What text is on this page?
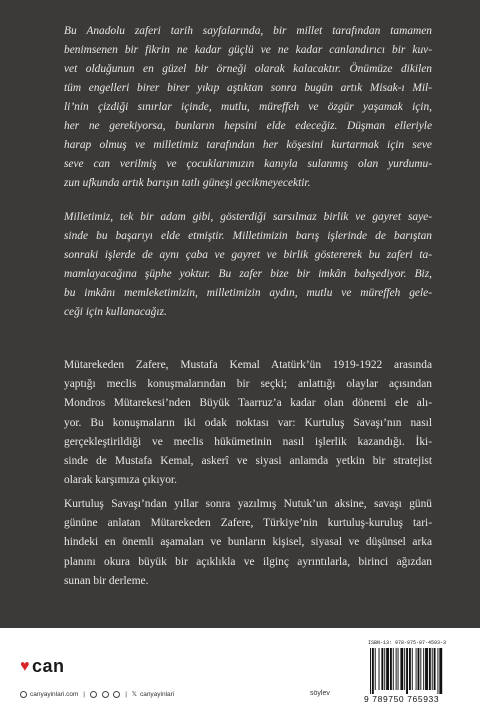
Bu Anadolu zaferi tarih sayfalarında, bir millet tarafından tamamen
benimsenen bir fikrin ne kadar güçlü ve ne kadar canlandırıcı bir kuv-
vet olduğunun en güzel bir örneği olarak kalacaktır. Önümüze dikilen
tüm engelleri birer birer yıkıp aştıktan sonra bugün artık Misak-ı Mil-
li’nin çizdiği sınırlar içinde, mutlu, müreffeh ve özgür yaşamak için,
her ne gerekiyorsa, bunların hepsini elde edeceğiz. Düşman elleriyle
harap olmuş ve milletimiz tarafından her köşesini kurtarmak için seve
seve can verilmiş ve çocuklarımızın kanıyla sulanmış olan yurdumu-
zun ufkunda artık barışın tatlı güneşi gecikmeyecektir.
Milletimiz, tek bir adam gibi, gösterdiği sarsılmaz birlik ve gayret saye-
sinde bu başarıyı elde etmiştir. Milletimizin barış işlerinde de barıştan
sonraki işlerde de aynı çaba ve gayret ve birlik göstererek bu zaferi ta-
mamlayacağına şüphe yoktur. Bu zafer bize bir imkân bahşediyor. Biz,
bu imkânı memleketimizin, milletimizin aydın, mutlu ve müreffeh gele-
ceği için kullanacağız.
Mütarekeden Zafere, Mustafa Kemal Atatürk’ün 1919-1922 arasında
yaptığı meclis konuşmalarından bir seçki; anlattığı olaylar açısından
Mondros Mütarekesi’nden Büyük Taarruz’a kadar olan dönemi ele alı-
yor. Bu konuşmaların iki odak noktası var: Kurtuluş Savaşı’nın nasıl
gerçekleştirildiği ve meclis hükümetinin nasıl işlerlik kazandığı. İki-
sinde de Mustafa Kemal, askerî ve siyasi anlamda yetkin bir stratejist
olarak karşımıza çıkıyor.
Kurtuluş Savaşı’ndan yıllar sonra yazılmış Nutuk’un aksine, savaşı günü
gününe anlatan Mütarekeden Zafere, Türkiye’nin kurtuluş-kuruluş tari-
hindeki en önemli aşamaları ve bunların kişisel, siyasal ve düşünsel arka
planını okura büyük bir açıklıkla ve ilginç ayrıntılarla, birinci ağızdan
sunan bir derleme.
♥ can
canyayinlari.com |	| 𝕏 canyayinlari	söylev
ISBN-13: 978-975-07-4593-3
9 789750 765933
